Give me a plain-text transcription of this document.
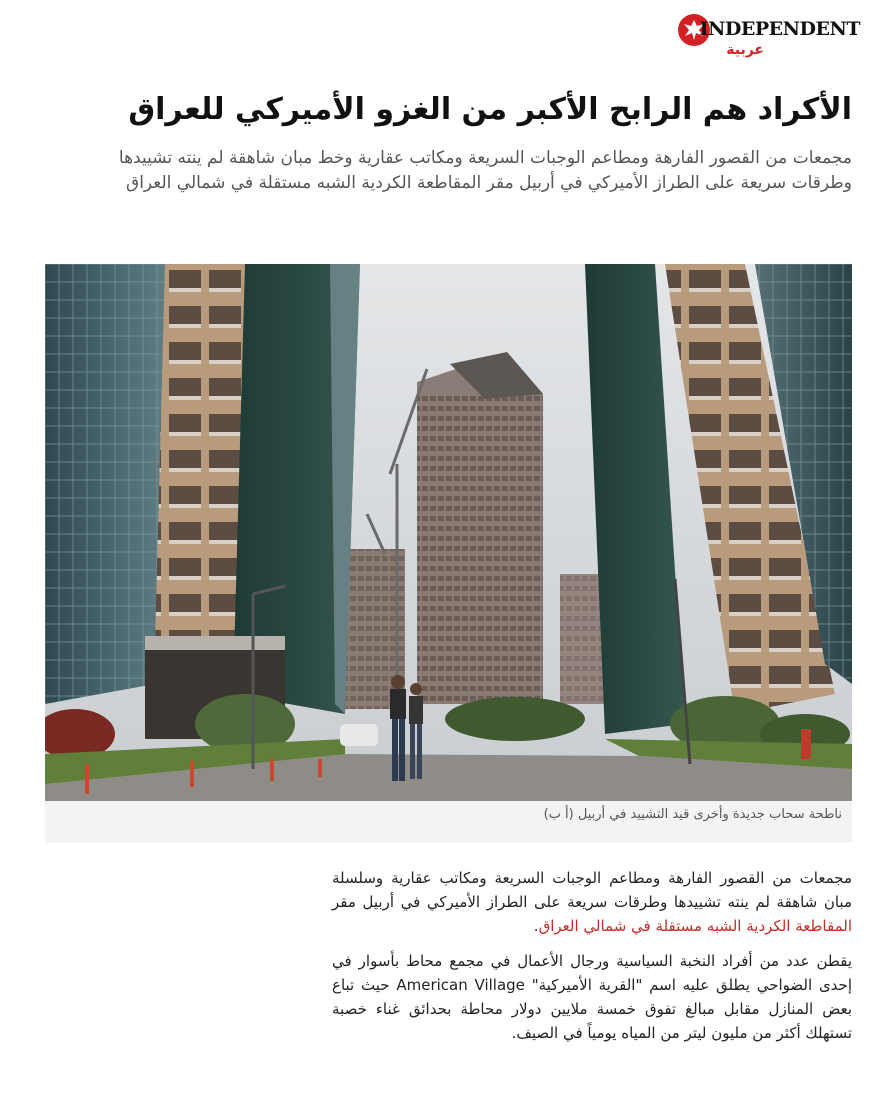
INDEPENDENT
عربية
الأكراد هم الرابح الأكبر من الغزو الأميركي للعراق

مجمعات من القصور الفارهة ومطاعم الوجبات السريعة ومكاتب عقارية وخط مبان شاهقة لم ينته تشييدها وطرقات سريعة على الطراز الأميركي في أربيل مقر المقاطعة الكردية الشبه مستقلة في شمالي العراق

ناطحة سحاب جديدة وأخرى قيد التشييد في أربيل (أ ب)

مجمعات من القصور الفارهة ومطاعم الوجبات السريعة ومكاتب عقارية وسلسلة مبان شاهقة لم ينته تشييدها وطرقات سريعة على الطراز الأميركي في أربيل مقر المقاطعة الكردية الشبه مستقلة في شمالي العراق.

يقطن عدد من أفراد النخبة السياسية ورجال الأعمال في مجمع محاط بأسوار في إحدى الضواحي يطلق عليه اسم "القرية الأميركية" American Village حيث تباع بعض المنازل مقابل مبالغ تفوق خمسة ملايين دولار محاطة بحدائق غناء خصبة تستهلك أكثر من مليون ليتر من المياه يومياً في الصيف.
